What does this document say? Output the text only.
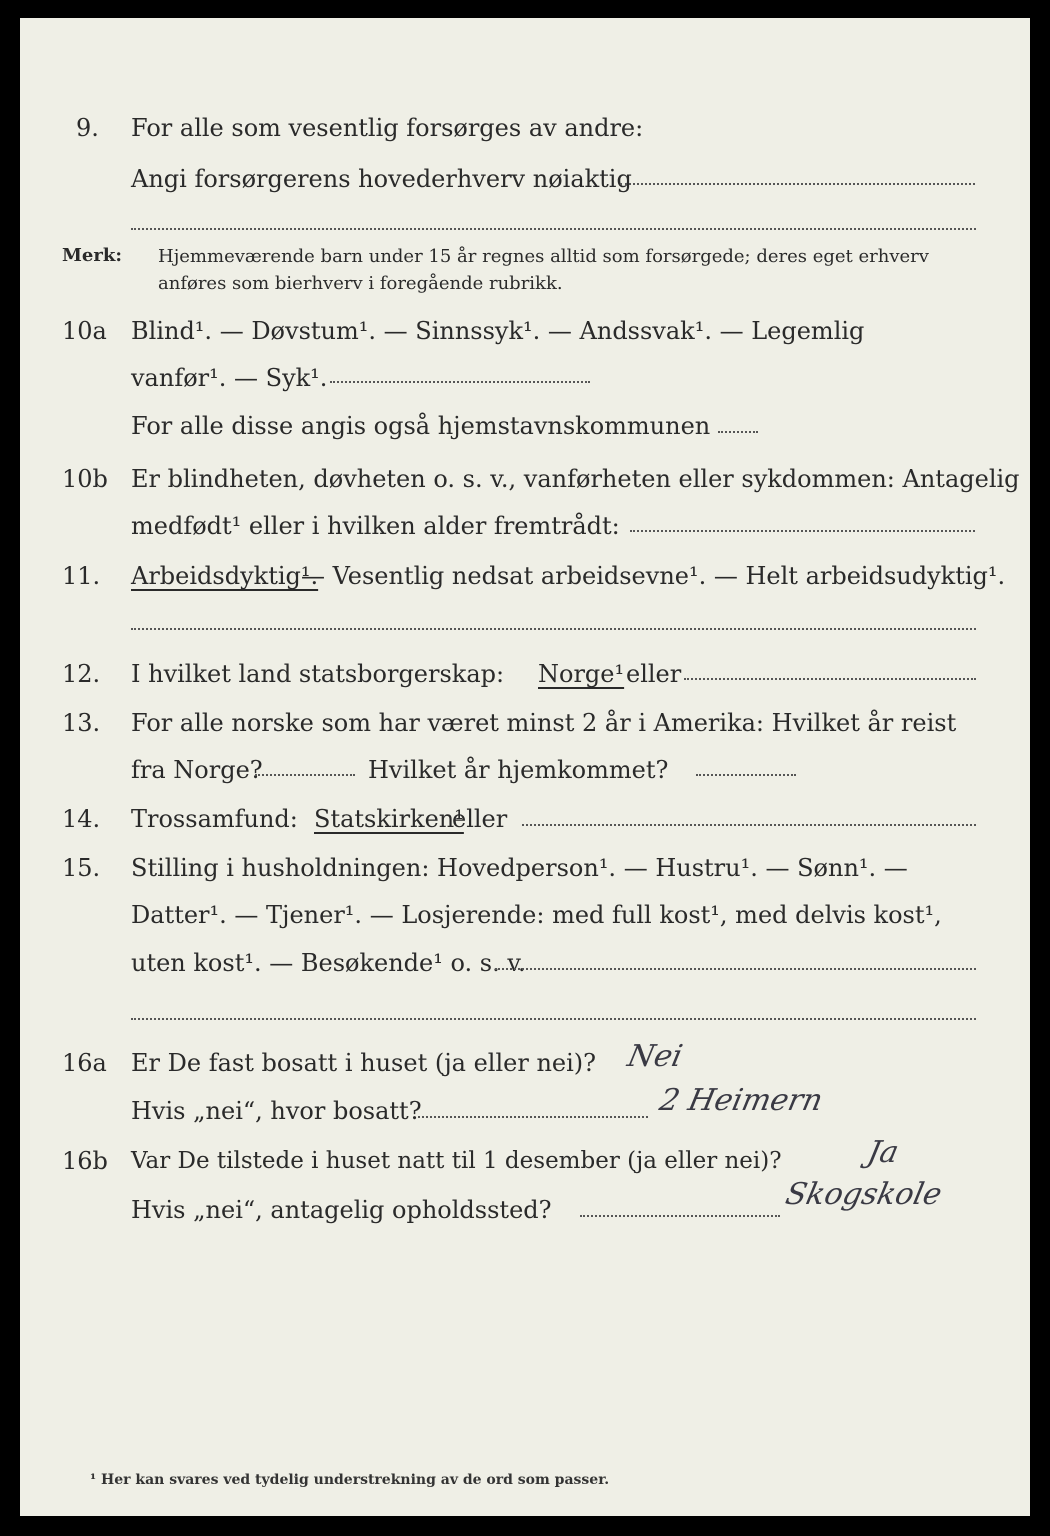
9. For alle som vesentlig forsørges av andre:
Angi forsørgerens hovederhverv nøiaktig
Merk: Hjemmeværende barn under 15 år regnes alltid som forsørgede; deres eget erhverv
anføres som bierhverv i foregående rubrikk.
10a Blind¹. — Døvstum¹. — Sinnssyk¹. — Andssvak¹. — Legemlig
vanfør¹. — Syk¹.
For alle disse angis også hjemstavnskommunen
10b Er blindheten, døvheten o. s. v., vanførheten eller sykdommen: Antagelig
medfødt¹ eller i hvilken alder fremtrådt:
11. Arbeidsdyktig¹.
— Vesentlig nedsat arbeidsevne¹. — Helt arbeidsudyktig¹.
12. I hvilket land statsborgerskap: Norge¹ eller
13. For alle norske som har været minst 2 år i Amerika: Hvilket år reist
fra Norge?	Hvilket år hjemkommet?
14. Trossamfund: Statskirken¹
eller
15. Stilling i husholdningen: Hovedperson¹. — Hustru¹. — Sønn¹. —
Datter¹. — Tjener¹. — Losjerende: med full kost¹, med delvis kost¹,
uten kost¹. — Besøkende¹ o. s. v.
16a Er De fast bosatt i huset (ja eller nei)? Nei
Hvis „nei“, hvor bosatt?	2 Heimern
16b Var De tilstede i huset natt til 1 desember (ja eller nei)?	Ja
Hvis „nei“, antagelig opholdssted?	Skogskole
¹ Her kan svares ved tydelig understrekning av de ord som passer.
